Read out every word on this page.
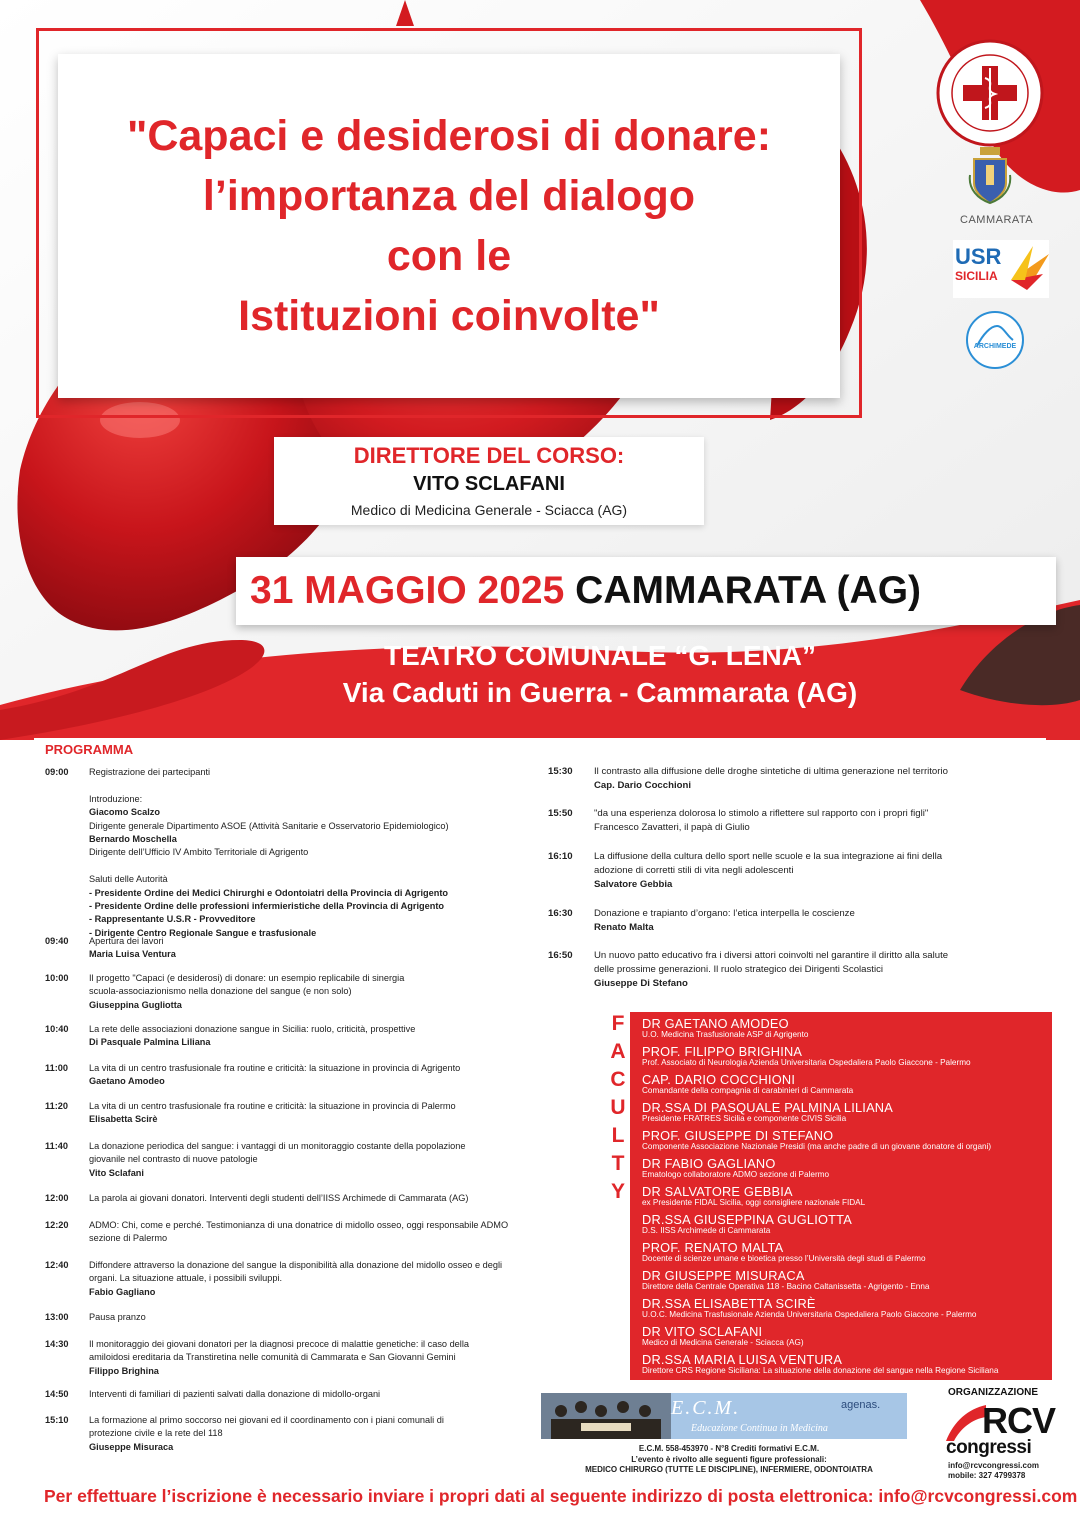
"Capaci e desiderosi di donare:
l’importanza del dialogo
con le
Istituzioni coinvolte"
CAMMARATA
USR
SICILIA
ARCHIMEDE
DIRETTORE DEL CORSO:
VITO SCLAFANI
Medico di Medicina Generale - Sciacca (AG)
31 MAGGIO 2025 CAMMARATA (AG)
TEATRO COMUNALE “G. LENA”
Via Caduti in Guerra - Cammarata (AG)
PROGRAMMA
09:00 Registrazione dei partecipanti
Introduzione:
Giacomo Scalzo
Dirigente generale Dipartimento ASOE (Attività Sanitarie e Osservatorio Epidemiologico)
Bernardo Moschella
Dirigente dell’Ufficio IV Ambito Territoriale di Agrigento
Saluti delle Autorità
- Presidente Ordine dei Medici Chirurghi e Odontoiatri della Provincia di Agrigento
- Presidente Ordine delle professioni infermieristiche della Provincia di Agrigento
- Rappresentante U.S.R - Provveditore
- Dirigente Centro Regionale Sangue e trasfusionale
09:40 Apertura dei lavori
Maria Luisa Ventura
10:00 Il progetto "Capaci (e desiderosi) di donare: un esempio replicabile di sinergia
scuola-associazionismo nella donazione del sangue (e non solo)
Giuseppina Gugliotta
10:40 La rete delle associazioni donazione sangue in Sicilia: ruolo, criticità, prospettive
Di Pasquale Palmina Liliana
11:00 La vita di un centro trasfusionale fra routine e criticità: la situazione in provincia di Agrigento
Gaetano Amodeo
11:20 La vita di un centro trasfusionale fra routine e criticità: la situazione in provincia di Palermo
Elisabetta Scirè
11:40 La donazione periodica del sangue: i vantaggi di un monitoraggio costante della popolazione
giovanile nel contrasto di nuove patologie
Vito Sclafani
12:00 La parola ai giovani donatori. Interventi degli studenti dell’IISS Archimede di Cammarata (AG)
12:20 ADMO: Chi, come e perché. Testimonianza di una donatrice di midollo osseo, oggi responsabile ADMO
sezione di Palermo
12:40 Diffondere attraverso la donazione del sangue la disponibilità alla donazione del midollo osseo e degli
organi. La situazione attuale, i possibili sviluppi.
Fabio Gagliano
13:00 Pausa pranzo
14:30 Il monitoraggio dei giovani donatori per la diagnosi precoce di malattie genetiche: il caso della
amiloidosi ereditaria da Transtiretina nelle comunità di Cammarata e San Giovanni Gemini
Filippo Brighina
14:50 Interventi di familiari di pazienti salvati dalla donazione di midollo-organi
15:10 La formazione al primo soccorso nei giovani ed il coordinamento con i piani comunali di
protezione civile e la rete del 118
Giuseppe Misuraca
15:30 Il contrasto alla diffusione delle droghe sintetiche di ultima generazione nel territorio
Cap. Dario Cocchioni
15:50 "da una esperienza dolorosa lo stimolo a riflettere sul rapporto con i propri figli"
Francesco Zavatteri, il papà di Giulio
16:10 La diffusione della cultura dello sport nelle scuole e la sua integrazione ai fini della
adozione di corretti stili di vita negli adolescenti
Salvatore Gebbia
16:30 Donazione e trapianto d’organo: l’etica interpella le coscienze
Renato Malta
16:50 Un nuovo patto educativo fra i diversi attori coinvolti nel garantire il diritto alla salute
delle prossime generazioni. Il ruolo strategico dei Dirigenti Scolastici
Giuseppe Di Stefano
F
A
C
U
L
T
Y
DR GAETANO AMODEO
U.O. Medicina Trasfusionale ASP di Agrigento
PROF. FILIPPO BRIGHINA
Prof. Associato di Neurologia Azienda Universitaria Ospedaliera Paolo Giaccone - Palermo
CAP. DARIO COCCHIONI
Comandante della compagnia di carabinieri di Cammarata
DR.SSA DI PASQUALE PALMINA LILIANA
Presidente FRATRES Sicilia e componente CIVIS Sicilia
PROF. GIUSEPPE DI STEFANO
Componente Associazione Nazionale Presidi (ma anche padre di un giovane donatore di organi)
DR FABIO GAGLIANO
Ematologo collaboratore ADMO sezione di Palermo
DR SALVATORE GEBBIA
ex Presidente FIDAL Sicilia, oggi consigliere nazionale FIDAL
DR.SSA GIUSEPPINA GUGLIOTTA
D.S. IISS Archimede di Cammarata
PROF. RENATO MALTA
Docente di scienze umane e bioetica presso l’Università degli studi di Palermo
DR GIUSEPPE MISURACA
Direttore della Centrale Operativa 118 - Bacino Caltanissetta - Agrigento - Enna
DR.SSA ELISABETTA SCIRÈ
U.O.C. Medicina Trasfusionale Azienda Universitaria Ospedaliera Paolo Giaccone - Palermo
DR VITO SCLAFANI
Medico di Medicina Generale - Sciacca (AG)
DR.SSA MARIA LUISA VENTURA
Direttore CRS Regione Siciliana: La situazione della donazione del sangue nella Regione Siciliana
E.C.M.
Educazione Continua in Medicina
agenas.
E.C.M. 558-453970 - N°8 Crediti formativi E.C.M.
L’evento è rivolto alle seguenti figure professionali:
MEDICO CHIRURGO (TUTTE LE DISCIPLINE), INFERMIERE, ODONTOIATRA
ORGANIZZAZIONE
RCV
congressi
info@rcvcongressi.com
mobile: 327 4799378
Per effettuare l’iscrizione è necessario inviare i propri dati al seguente indirizzo di posta elettronica: info@rcvcongressi.com
